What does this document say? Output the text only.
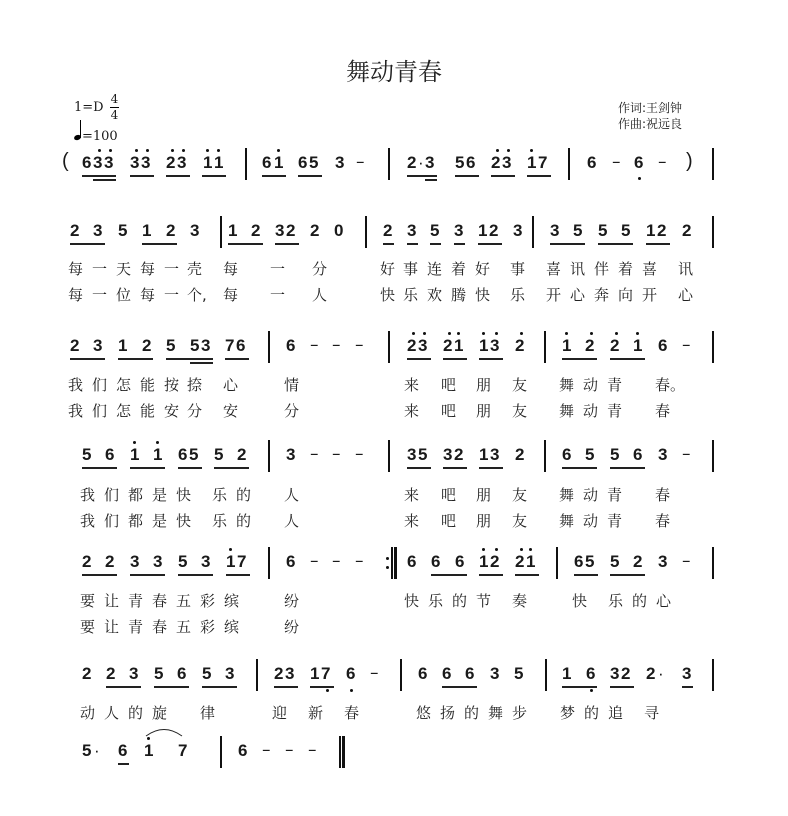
舞动青春
1=D
4
4
=100
作词:王剑钟
作曲:祝远良
( 6 3 3 3 3 2 3 1 1 6 1 6 5 3 –	2 · 3 5 6 2 3 1 7 6 – 6 – )
2 3 5 1 2 3 1 2 3 2 2 0 2 3 5 3 1 2 3 3 5 5 5 1 2 2
每 一 天 每 一 壳 每 一 分	好 事 连 着 好 事 喜 讯 伴 着 喜 讯
每 一 位 每 一 个, 每 一 人	快 乐 欢 腾 快 乐 开 心 奔 向 开 心
2 3 1 2 5 5 3 7 6 6 – – –	2 3 2 1 1 3 2 1 2 2 1 6 –
我 们 怎 能 按 捺 心	情	来 吧 朋 友 舞 动 青 春。
我 们 怎 能 安 分 安	分	来 吧 朋 友 舞 动 青 春
5 6 1 1 6 5 5 2 3 – – –	3 5 3 2 1 3 2 6 5 5 6 3 –
我 们 都 是 快 乐 的 人	来 吧 朋 友 舞 动 青 春
我 们 都 是 快 乐 的 人	来 吧 朋 友 舞 动 青 春
2 2 3 3 5 3 1 7 6 – – –	6 6 6 1 2 2 1 6 5 5 2 3 –
要 让 青 春 五 彩 缤	纷	快 乐 的 节 奏	快 乐 的 心
要 让 青 春 五 彩 缤	纷
2 2 3 5 6 5 3 2 3 1 7 6 – 6 6 6 3 5 1 6 3 2 2 · 3
动 人 的 旋 律	迎 新 春	悠 扬 的 舞 步 梦 的 追 寻
5 · 6 1 7	6 – – –
